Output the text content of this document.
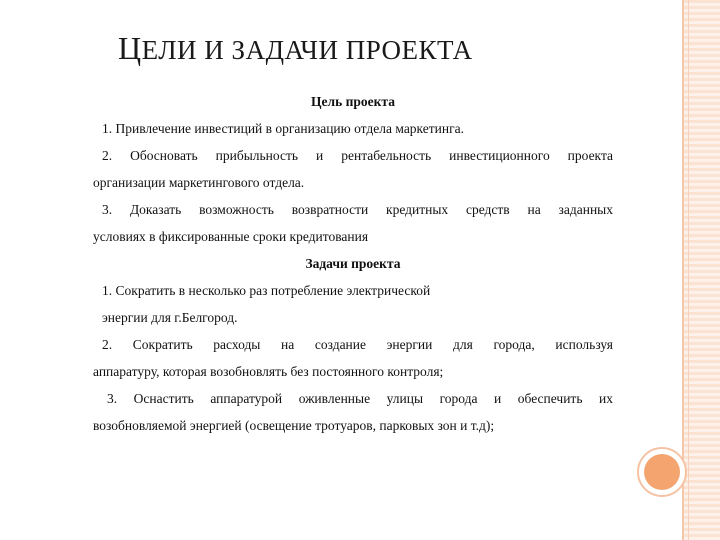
ЦЕЛИ И ЗАДАЧИ ПРОЕКТА

Цель проекта

1. Привлечение инвестиций в организацию отдела маркетинга.

2. Обосновать прибыльность и рентабельность инвестиционного проекта
организации маркетингового отдела.

3. Доказать возможность возвратности кредитных средств на заданных
условиях в фиксированные сроки кредитования

Задачи проекта

1. Сократить в несколько раз потребление электрической
энергии для г.Белгород.

2. Сократить расходы на создание энергии для города, используя
аппаратуру, которая возобновлять без постоянного контроля;

3. Оснастить аппаратурой оживленные улицы города и обеспечить их
возобновляемой энергией (освещение тротуаров, парковых зон и т.д);
